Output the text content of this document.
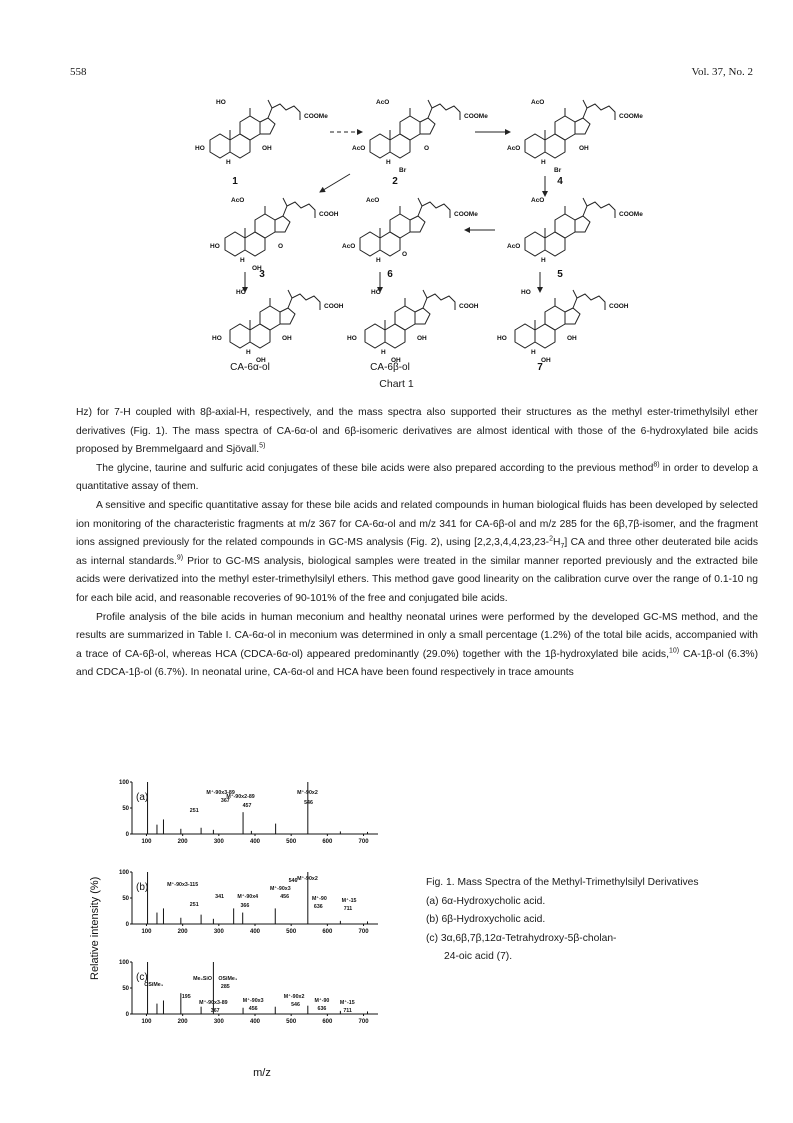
558	Vol. 37, No. 2
HO
COOMe
HO	OH
H
AcO
COOMe
AcO	O
H
Br
AcO
COOMe
AcO	OH
H
Br
AcO
COOH
HO	O
H
OH
AcO
COOMe
AcO
O
H
AcO
COOMe
AcO
H
HO
COOH
HO	OH
H
OH
HO
COOH
HO	OH
H
OH
HO
COOH
HO	OH
H
OH
1	2	4
3	6	5
CA-6α-ol	CA-6β-ol	7
Chart 1

Hz) for 7-H coupled with 8β-axial-H, respectively, and the mass spectra also supported their structures as the methyl ester-trimethylsilyl ether derivatives (Fig. 1). The mass spectra of CA-6α-ol and 6β-isomeric derivatives are almost identical with those of the 6-hydroxylated bile acids proposed by Bremmelgaard and Sjövall.$^{5)}$

The glycine, taurine and sulfuric acid conjugates of these bile acids were also prepared according to the previous method$^{8)}$ in order to develop a quantitative assay of them.

A sensitive and specific quantitative assay for these bile acids and related compounds in human biological fluids has been developed by selected ion monitoring of the characteristic fragments at m/z 367 for CA-6α-ol and m/z 341 for CA-6β-ol and m/z 285 for the 6β,7β-isomer, and the fragment ions assigned previously for the related compounds in GC-MS analysis (Fig. 2), using $[2,2,3,4,4,23,23-^2H_7]$ CA and three other deuterated bile acids as internal standards.$^{9)}$ Prior to GC-MS analysis, biological samples were treated in the similar manner reported previously and the extracted bile acids were derivatized into the methyl ester-trimethylsilyl ethers. This method gave good linearity on the calibration curve over the range of 0.1-10 ng for each bile acid, and reasonable recoveries of 90-101% of the free and conjugated bile acids.

Profile analysis of the bile acids in human meconium and healthy neonatal urines were performed by the developed GC-MS method, and the results are summarized in Table I. CA-6α-ol in meconium was determined in only a small percentage (1.2%) of the total bile acids, accompanied with a trace of CA-6β-ol, whereas HCA (CDCA-6α-ol) appeared predominantly (29.0%) together with the 1β-hydroxylated bile acids,$^{10)}$ CA-1β-ol (6.3%) and CDCA-1β-ol (6.7%). In neonatal urine, CA-6α-ol and HCA have been found respectively in trace amounts

Relative intensity (%)
m/z
100
50
0
100	200	300	400	500	600	700
(a)	M⁺-90x3-89
367
M⁺-90x2-89
457
251
M⁺-90x2
546
100
50
0
100	200	300	400	500	600	700
(b)	M⁺-90x3-115
341	M⁺-90x4
366
M⁺-90x3
456
546 M⁺-90x2
M⁺-90
636
M⁺-15
711
251
100
50
0
100	200	300	400	500	600	700
(c)	Me₃SiO
OSiMe₃
OSiMe₃
285
195
M⁺-90x3-89
367
M⁺-90x3
456
M⁺-90x2
546
M⁺-90
636
M⁺-15
711
Fig. 1. Mass Spectra of the Methyl-Trimethylsilyl Derivatives
(a) 6α-Hydroxycholic acid.
(b) 6β-Hydroxycholic acid.
(c) 3α,6β,7β,12α-Tetrahydroxy-5β-cholan-
24-oic acid (7).
